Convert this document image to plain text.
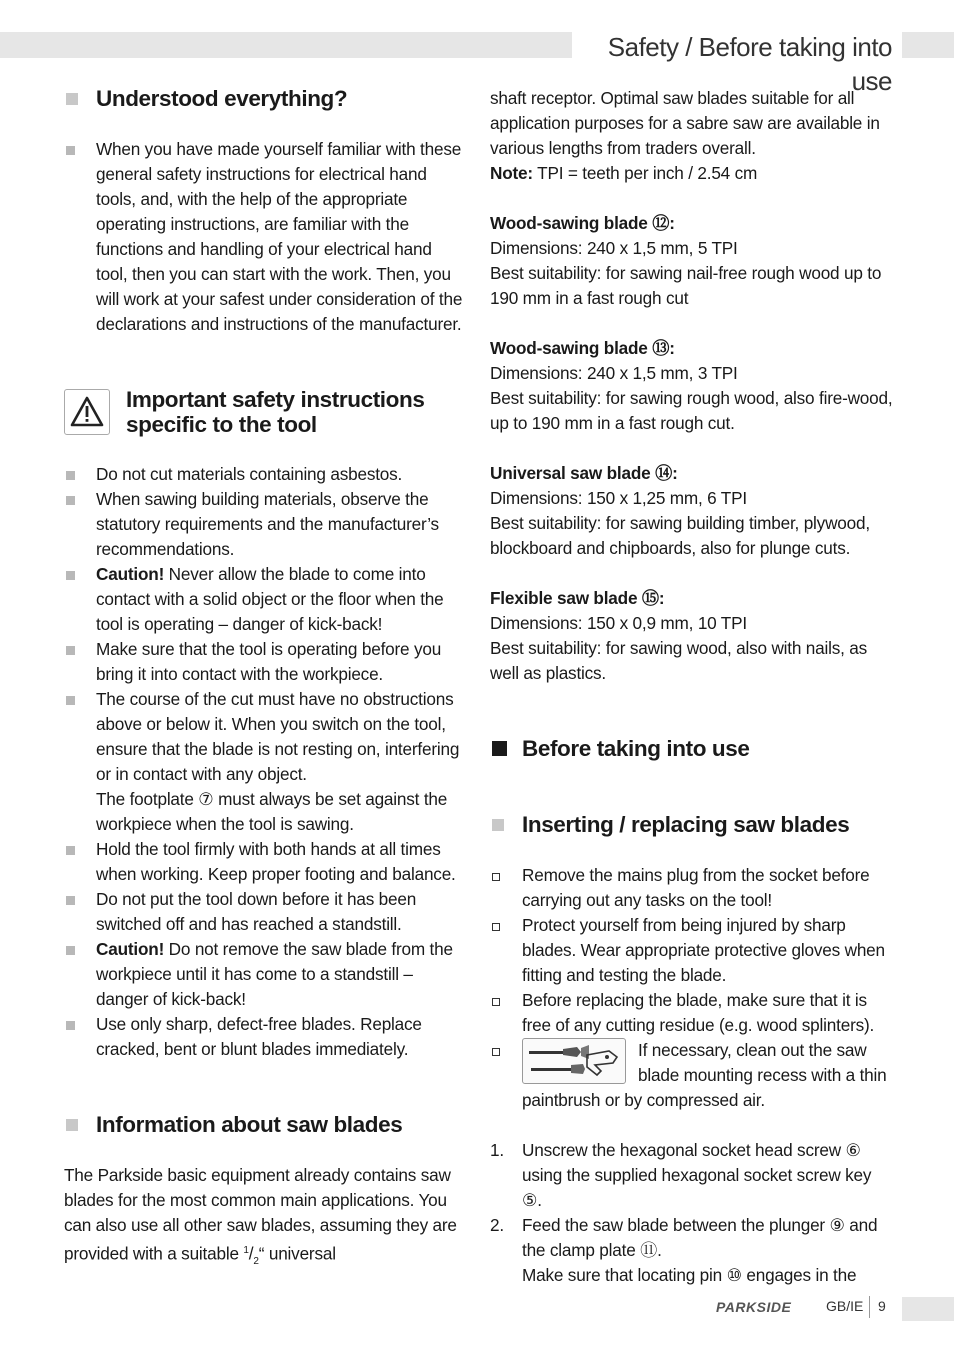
Safety / Before taking into use
Understood everything?
When you have made yourself familiar with these general safety instructions for electrical hand tools, and, with the help of the appropriate operating instructions, are familiar with the functions and handling of your electrical hand tool, then you can start with the work. Then, you will work at your safest under consideration of the declarations and instructions of the manufacturer.
Important safety instructions specific to the tool
Do not cut materials containing asbestos.
When sawing building materials, observe the statutory requirements and the manufacturer’s recommendations.
Caution! Never allow the blade to come into contact with a solid object or the floor when the tool is operating – danger of kick-back!
Make sure that the tool is operating before you bring it into contact with the workpiece.
The course of the cut must have no obstructions above or below it. When you switch on the tool, ensure that the blade is not resting on, interfering or in contact with any object.
The footplate ⑦ must always be set against the workpiece when the tool is sawing.
Hold the tool firmly with both hands at all times when working. Keep proper footing and balance.
Do not put the tool down before it has been switched off and has reached a standstill.
Caution! Do not remove the saw blade from the workpiece until it has come to a standstill – danger of kick-back!
Use only sharp, defect-free blades. Replace cracked, bent or blunt blades immediately.
Information about saw blades
The Parkside basic equipment already contains saw blades for the most common main applications. You can also use all other saw blades, assuming they are provided with a suitable $^1/_2“$ universal
shaft receptor. Optimal saw blades suitable for all application purposes for a sabre saw are available in various lengths from traders overall.
Note: TPI = teeth per inch / 2.54 cm
Wood-sawing blade ⑫:
Dimensions: 240 x 1,5 mm, 5 TPI
Best suitability: for sawing nail-free rough wood up to 190 mm in a fast rough cut
Wood-sawing blade ⑬:
Dimensions: 240 x 1,5 mm, 3 TPI
Best suitability: for sawing rough wood, also fire-wood, up to 190 mm in a fast rough cut.
Universal saw blade ⑭:
Dimensions: 150 x 1,25 mm, 6 TPI
Best suitability: for sawing building timber, plywood, blockboard and chipboards, also for plunge cuts.
Flexible saw blade ⑮:
Dimensions: 150 x 0,9 mm, 10 TPI
Best suitability: for sawing wood, also with nails, as well as plastics.
Before taking into use
Inserting / replacing saw blades
Remove the mains plug from the socket before carrying out any tasks on the tool!
Protect yourself from being injured by sharp blades. Wear appropriate protective gloves when fitting and testing the blade.
Before replacing the blade, make sure that it is free of any cutting residue (e.g. wood splinters).
If necessary, clean out the saw blade mounting recess with a thin paintbrush or by compressed air.
1. Unscrew the hexagonal socket head screw ⑥ using the supplied hexagonal socket screw key ⑤.
2. Feed the saw blade between the plunger ⑨ and the clamp plate ⑪.
Make sure that locating pin ⑩ engages in the
PARKSIDE GB/IE 9
